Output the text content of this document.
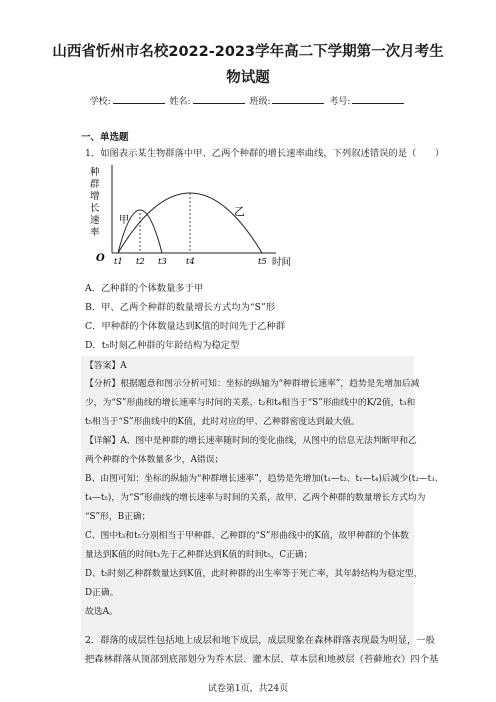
山西省忻州市名校2022-2023学年高二下学期第一次月考生
物试题
学校:	姓名:	班级:	考号:
一、单选题
1．如图表示某生物群落中甲、乙两个种群的增长速率曲线，下列叙述错误的是（　　）
种
群
增
长
速
率
甲
乙
O t1 t2 t3 t4	t5 时间
A．乙种群的个体数量多于甲
B．甲、乙两个种群的数量增长方式均为“S”形
C．甲种群的个体数量达到K值的时间先于乙种群
D．t₅时刻乙种群的年龄结构为稳定型
【答案】A
【分析】根据题意和图示分析可知：坐标的纵轴为“种群增长速率”，趋势是先增加后减
少，为“S”形曲线的增长速率与时间的关系，t₂和t₄相当于“S”形曲线中的K/2值，t₃和
t₅相当于“S”形曲线中的K值，此时对应的甲、乙种群密度达到最大值。
【详解】A、图中是种群的增长速率随时间的变化曲线，从图中的信息无法判断甲和乙
两个种群的个体数量多少，A错误；
B、由图可知：坐标的纵轴为“种群增长速率”，趋势是先增加(t₁—t₂、t₁—t₄)后减少(t₂—t₃、
t₄—t₅)，为“S”形曲线的增长速率与时间的关系，故甲、乙两个种群的数量增长方式均为
“S”形，B正确；
C、图中t₃和t₅分别相当于甲种群、乙种群的“S”形曲线中的K值，故甲种群的个体数
量达到K值的时间t₃先于乙种群达到K值的时间t₅，C正确；
D、t₅时刻乙种群数量达到K值，此时种群的出生率等于死亡率，其年龄结构为稳定型，
D正确。
故选A。
2．群落的成层性包括地上成层和地下成层，成层现象在森林群落表现最为明显，一般
把森林群落从顶部到底部划分为乔木层、灌木层、草本层和地被层（苔藓地衣）四个基
试卷第1页，共24页
